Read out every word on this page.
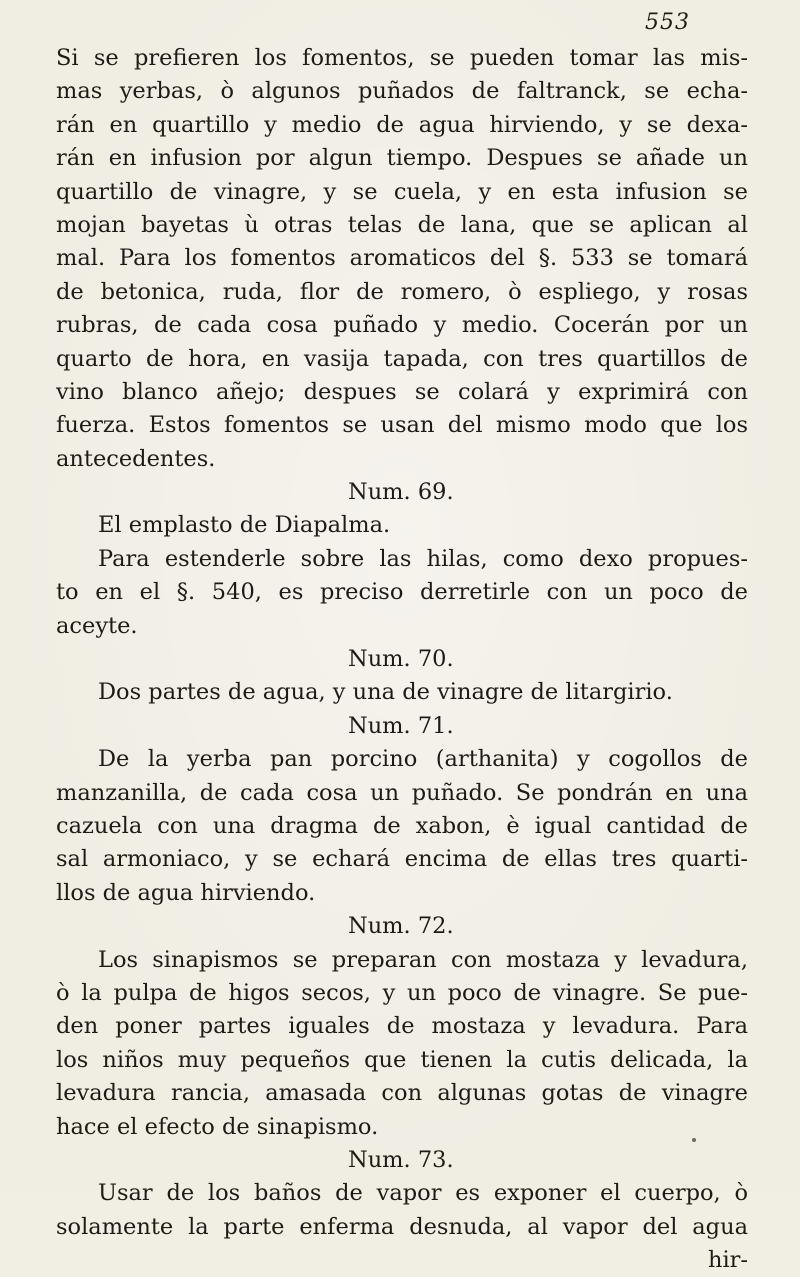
553
Si se prefieren los fomentos, se pueden tomar las mis-
mas yerbas, ò algunos puñados de faltranck, se echa-
rán en quartillo y medio de agua hirviendo, y se dexa-
rán en infusion por algun tiempo. Despues se añade un
quartillo de vinagre, y se cuela, y en esta infusion se
mojan bayetas ù otras telas de lana, que se aplican al
mal. Para los fomentos aromaticos del §. 533 se tomará
de betonica, ruda, flor de romero, ò espliego, y rosas
rubras, de cada cosa puñado y medio. Cocerán por un
quarto de hora, en vasija tapada, con tres quartillos de
vino blanco añejo; despues se colará y exprimirá con
fuerza. Estos fomentos se usan del mismo modo que los
antecedentes.
Num. 69.
El emplasto de Diapalma.
Para estenderle sobre las hilas, como dexo propues-
to en el §. 540, es preciso derretirle con un poco de
aceyte.
Num. 70.
Dos partes de agua, y una de vinagre de litargirio.
Num. 71.
De la yerba pan porcino (arthanita) y cogollos de
manzanilla, de cada cosa un puñado. Se pondrán en una
cazuela con una dragma de xabon, è igual cantidad de
sal armoniaco, y se echará encima de ellas tres quarti-
llos de agua hirviendo.
Num. 72.
Los sinapismos se preparan con mostaza y levadura,
ò la pulpa de higos secos, y un poco de vinagre. Se pue-
den poner partes iguales de mostaza y levadura. Para
los niños muy pequeños que tienen la cutis delicada, la
levadura rancia, amasada con algunas gotas de vinagre
hace el efecto de sinapismo.
Num. 73.
Usar de los baños de vapor es exponer el cuerpo, ò
solamente la parte enferma desnuda, al vapor del agua
hir-
